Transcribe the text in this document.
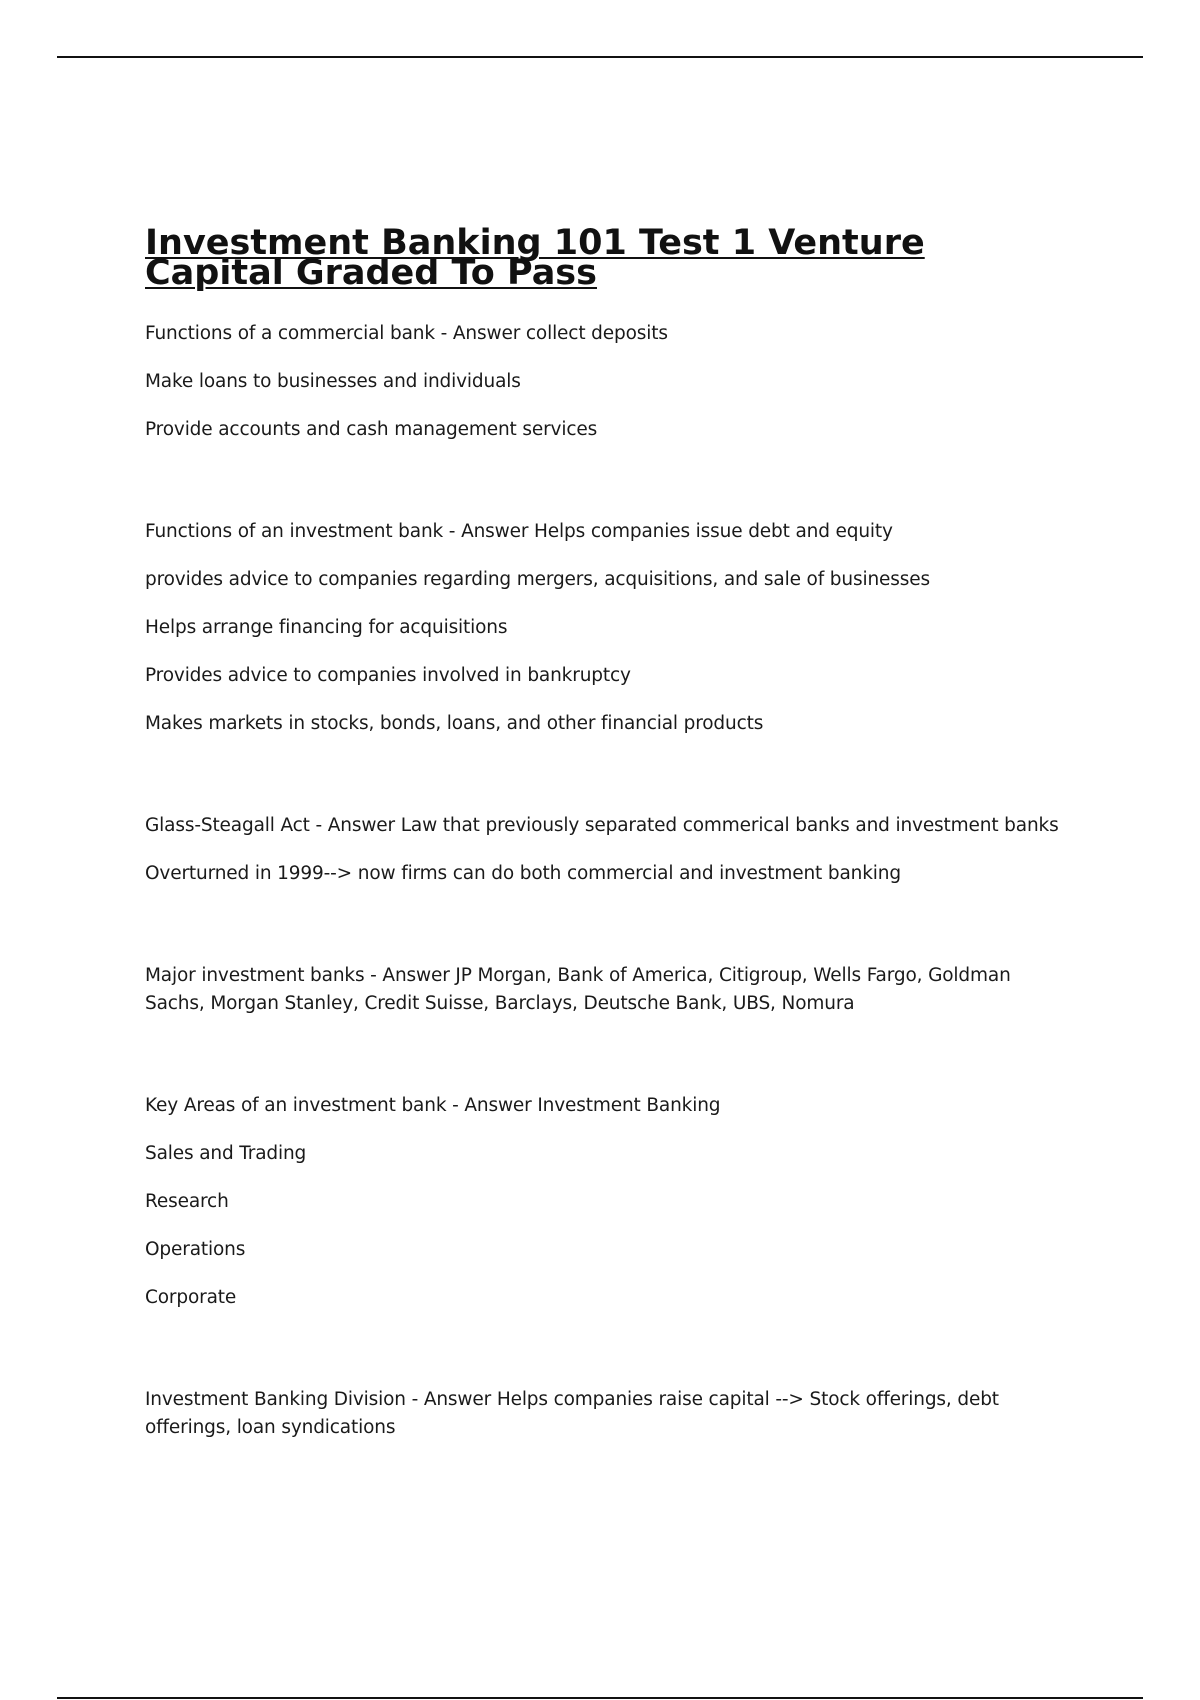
Investment Banking 101 Test 1 Venture Capital Graded To Pass

Functions of a commercial bank - Answer collect deposits

Make loans to businesses and individuals

Provide accounts and cash management services

Functions of an investment bank - Answer Helps companies issue debt and equity

provides advice to companies regarding mergers, acquisitions, and sale of businesses

Helps arrange financing for acquisitions

Provides advice to companies involved in bankruptcy

Makes markets in stocks, bonds, loans, and other financial products

Glass-Steagall Act - Answer Law that previously separated commerical banks and investment banks

Overturned in 1999--> now firms can do both commercial and investment banking

Major investment banks - Answer JP Morgan, Bank of America, Citigroup, Wells Fargo, Goldman Sachs, Morgan Stanley, Credit Suisse, Barclays, Deutsche Bank, UBS, Nomura

Key Areas of an investment bank - Answer Investment Banking

Sales and Trading

Research

Operations

Corporate

Investment Banking Division - Answer Helps companies raise capital --> Stock offerings, debt offerings, loan syndications
